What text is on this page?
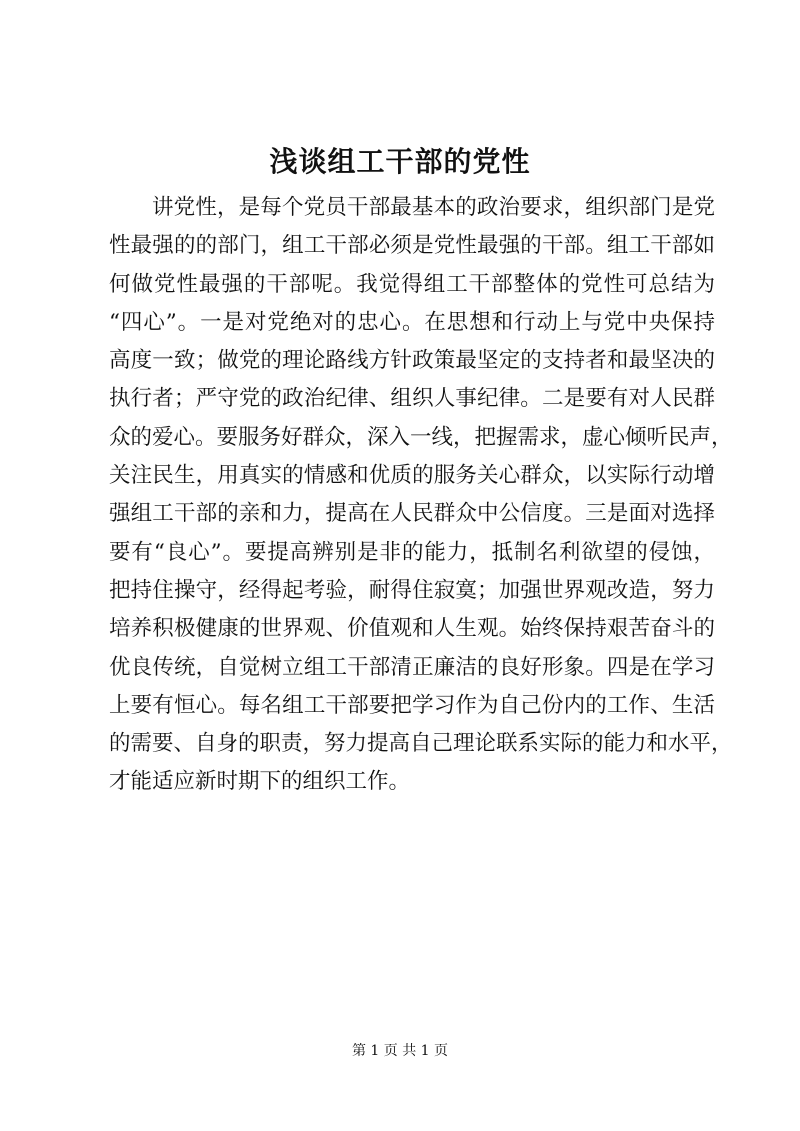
浅谈组工干部的党性
讲党性，是每个党员干部最基本的政治要求，组织部门是党
性最强的的部门，组工干部必须是党性最强的干部。组工干部如
何做党性最强的干部呢。我觉得组工干部整体的党性可总结为
“四心”。一是对党绝对的忠心。在思想和行动上与党中央保持
高度一致；做党的理论路线方针政策最坚定的支持者和最坚决的
执行者；严守党的政治纪律、组织人事纪律。二是要有对人民群
众的爱心。要服务好群众，深入一线，把握需求，虚心倾听民声，
关注民生，用真实的情感和优质的服务关心群众，以实际行动增
强组工干部的亲和力，提高在人民群众中公信度。三是面对选择
要有“良心”。要提高辨别是非的能力，抵制名利欲望的侵蚀，
把持住操守，经得起考验，耐得住寂寞；加强世界观改造，努力
培养积极健康的世界观、价值观和人生观。始终保持艰苦奋斗的
优良传统，自觉树立组工干部清正廉洁的良好形象。四是在学习
上要有恒心。每名组工干部要把学习作为自己份内的工作、生活
的需要、自身的职责，努力提高自己理论联系实际的能力和水平，
才能适应新时期下的组织工作。
第 1 页 共 1 页
